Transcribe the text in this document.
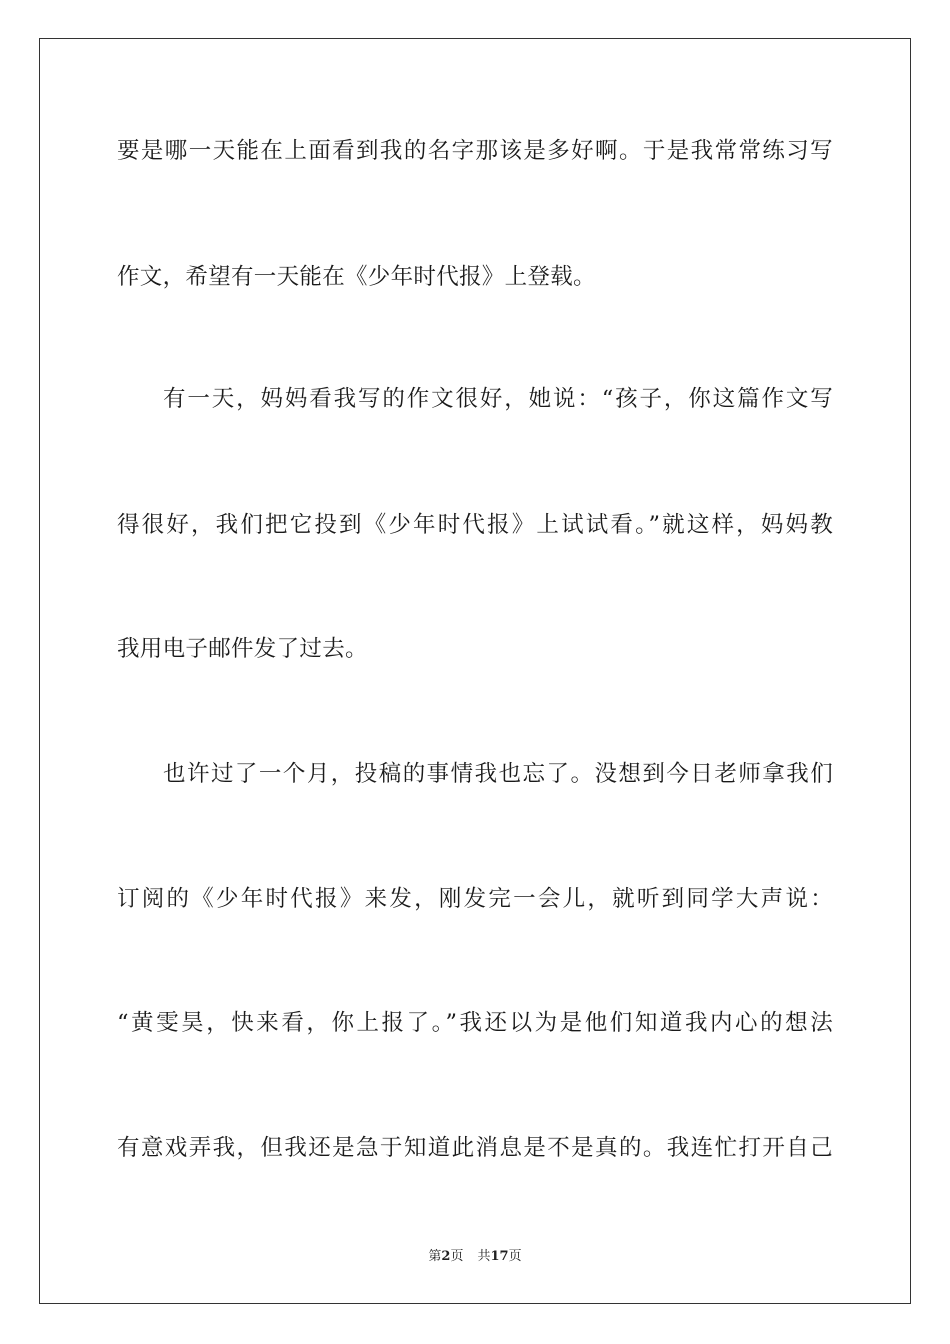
要是哪一天能在上面看到我的名字那该是多好啊。于是我常常练习写
作文，希望有一天能在《少年时代报》上登载。
有一天，妈妈看我写的作文很好，她说：“孩子，你这篇作文写
得很好，我们把它投到《少年时代报》上试试看。”就这样，妈妈教
我用电子邮件发了过去。
也许过了一个月，投稿的事情我也忘了。没想到今日老师拿我们
订阅的《少年时代报》来发，刚发完一会儿，就听到同学大声说：
“黄雯昊，快来看，你上报了。”我还以为是他们知道我内心的想法
有意戏弄我，但我还是急于知道此消息是不是真的。我连忙打开自己
第2页 共17页
